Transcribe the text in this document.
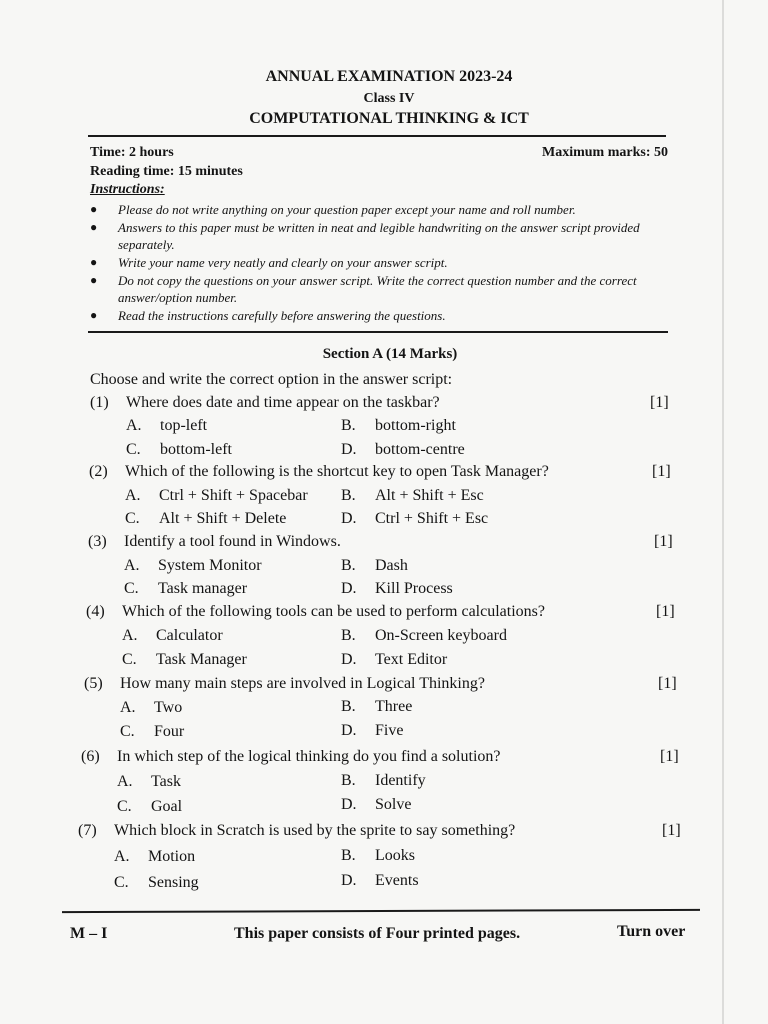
ANNUAL EXAMINATION 2023-24
Class IV
COMPUTATIONAL THINKING & ICT
Time: 2 hours	Maximum marks: 50
Reading time: 15 minutes
Instructions:
●	Please do not write anything on your question paper except your name and roll number.
●	Answers to this paper must be written in neat and legible handwriting on the answer script provided separately.
●	Write your name very neatly and clearly on your answer script.
●	Do not copy the questions on your answer script. Write the correct question number and the correct answer/option number.
●	Read the instructions carefully before answering the questions.
Section A (14 Marks)
Choose and write the correct option in the answer script:
(1) Where does date and time appear on the taskbar?	[1]
A. top-left	B. bottom-right
C. bottom-left	D. bottom-centre
(2) Which of the following is the shortcut key to open Task Manager?	[1]
A. Ctrl + Shift + Spacebar B. Alt + Shift + Esc
C. Alt + Shift + Delete	D. Ctrl + Shift + Esc
(3) Identify a tool found in Windows.	[1]
A. System Monitor	B. Dash
C. Task manager	D. Kill Process
(4) Which of the following tools can be used to perform calculations?	[1]
A. Calculator	B. On-Screen keyboard
C. Task Manager	D. Text Editor
(5) How many main steps are involved in Logical Thinking?	[1]
A. Two	B. Three
C. Four	D. Five
(6) In which step of the logical thinking do you find a solution?	[1]
A. Task	B. Identify
C. Goal	D. Solve
(7) Which block in Scratch is used by the sprite to say something?	[1]
A. Motion	B. Looks
C. Sensing	D. Events
M – I	This paper consists of Four printed pages.	Turn over
